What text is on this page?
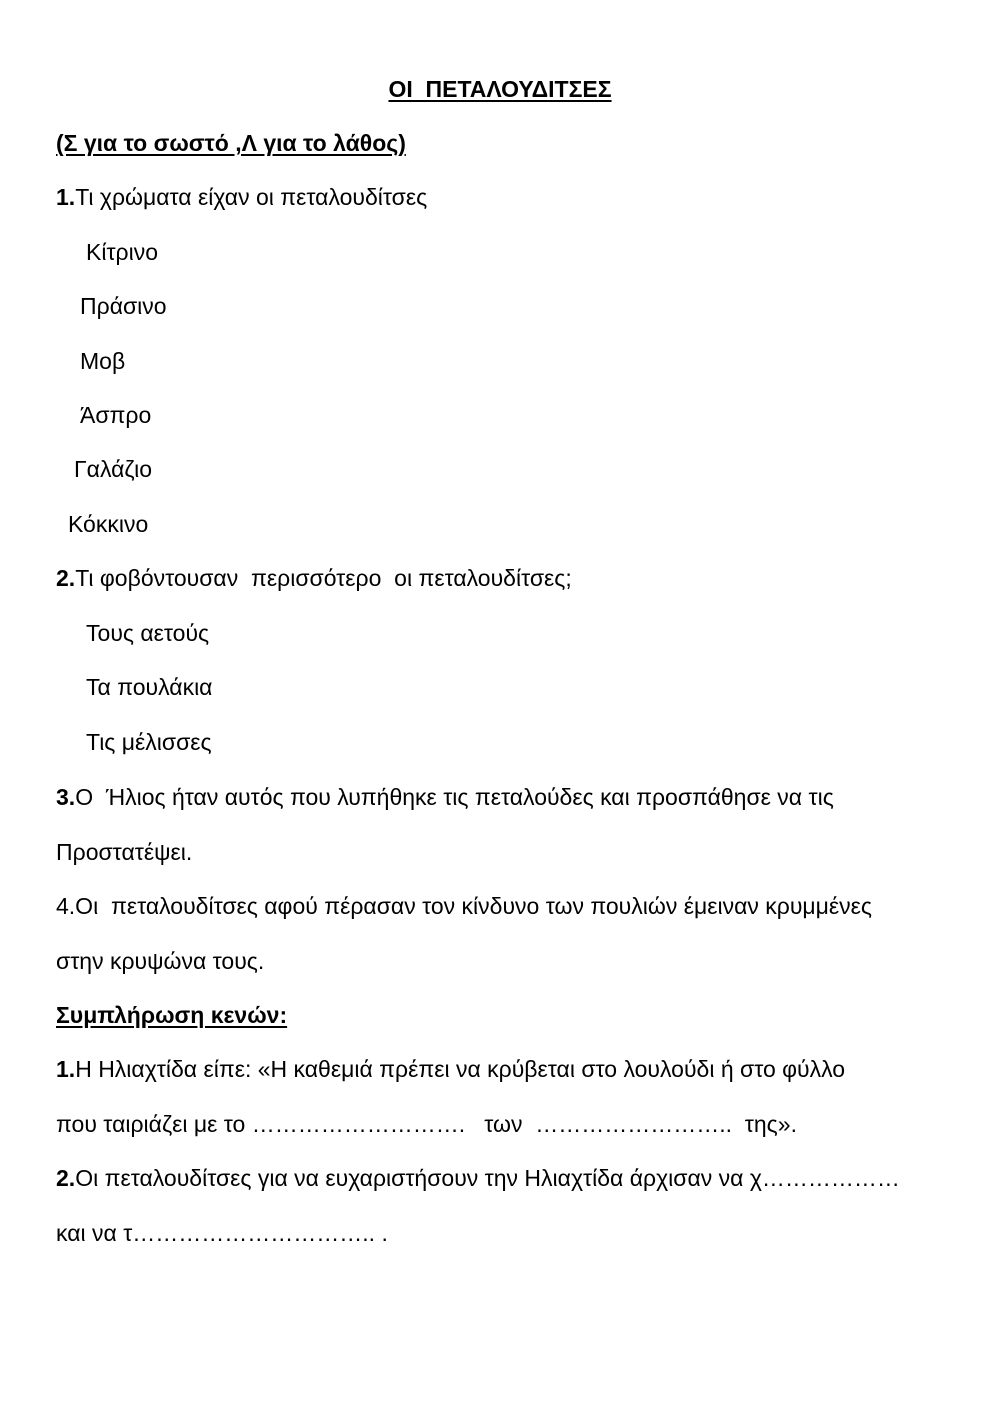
ΟΙ  ΠΕΤΑΛΟΥΔΙΤΣΕΣ
(Σ για το σωστό ,Λ για το λάθος)
1.Τι χρώματα είχαν οι πεταλουδίτσες
Κίτρινο
Πράσινο
Μοβ
Άσπρο
Γαλάζιο
Κόκκινο
2.Τι φοβόντουσαν  περισσότερο  οι πεταλουδίτσες;
Τους αετούς
Τα πουλάκια
Τις μέλισσες
3.Ο  Ήλιος ήταν αυτός που λυπήθηκε τις πεταλούδες και προσπάθησε να τις
Προστατέψει.
4.Οι  πεταλουδίτσες αφού πέρασαν τον κίνδυνο των πουλιών έμειναν κρυμμένες
στην κρυψώνα τους.
Συμπλήρωση κενών:
1.Η Ηλιαχτίδα είπε: «Η καθεμιά πρέπει να κρύβεται στο λουλούδι ή στο φύλλο
που ταιριάζει με το ……………………….   των  ……………………..  της».
2.Οι πεταλουδίτσες για να ευχαριστήσουν την Ηλιαχτίδα άρχισαν να χ………………
και να τ………………………….. .
